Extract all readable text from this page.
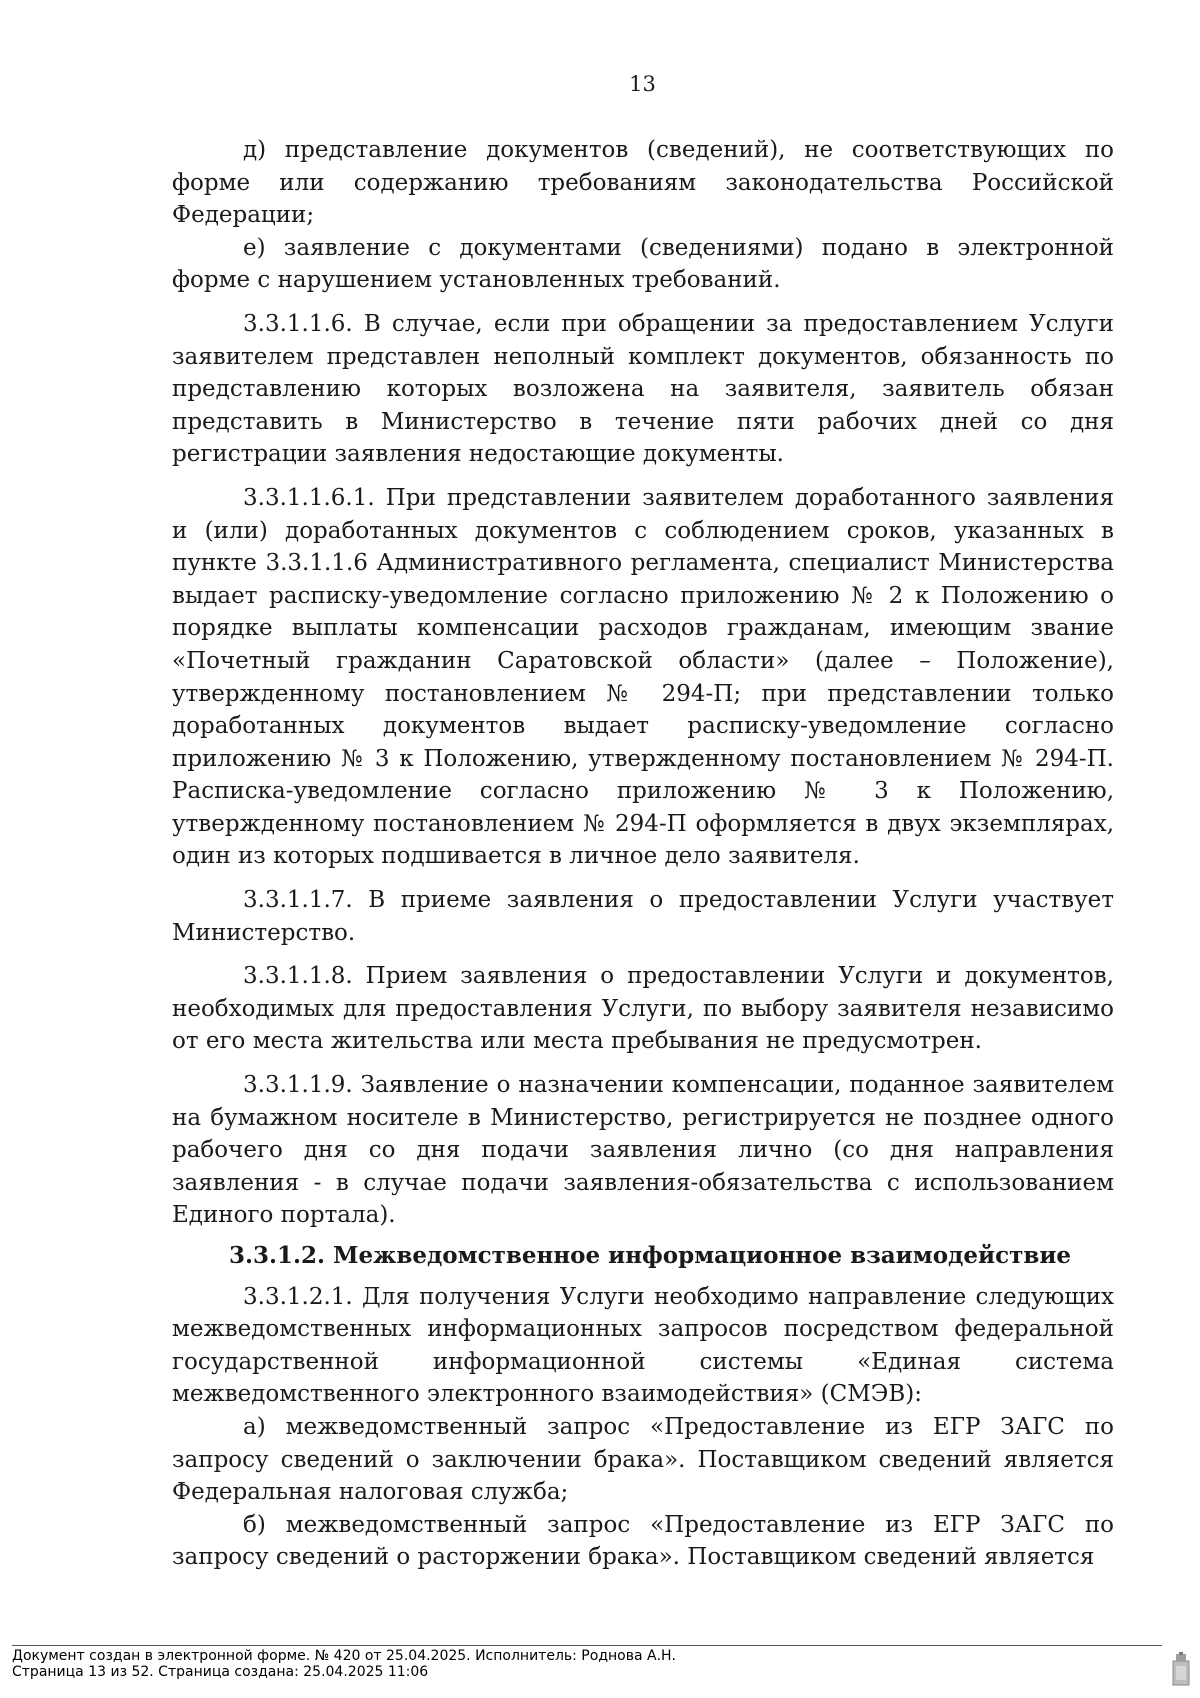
13

д) представление документов (сведений), не соответствующих по форме или содержанию требованиям законодательства Российской Федерации;

е) заявление с документами (сведениями) подано в электронной форме с нарушением установленных требований.

3.3.1.1.6. В случае, если при обращении за предоставлением Услуги заявителем представлен неполный комплект документов, обязанность по представлению которых возложена на заявителя, заявитель обязан представить в Министерство в течение пяти рабочих дней со дня регистрации заявления недостающие документы.

3.3.1.1.6.1. При представлении заявителем доработанного заявления и (или) доработанных документов с соблюдением сроков, указанных в пункте 3.3.1.1.6 Административного регламента, специалист Министерства выдает расписку-уведомление согласно приложению № 2 к Положению о порядке выплаты компенсации расходов гражданам, имеющим звание «Почетный гражданин Саратовской области» (далее – Положение), утвержденному постановлением № 294-П; при представлении только доработанных документов выдает расписку-уведомление согласно приложению № 3 к Положению, утвержденному постановлением № 294-П. Расписка-уведомление согласно приложению № 3 к Положению, утвержденному постановлением № 294-П оформляется в двух экземплярах, один из которых подшивается в личное дело заявителя.

3.3.1.1.7. В приеме заявления о предоставлении Услуги участвует Министерство.

3.3.1.1.8. Прием заявления о предоставлении Услуги и документов, необходимых для предоставления Услуги, по выбору заявителя независимо от его места жительства или места пребывания не предусмотрен.

3.3.1.1.9. Заявление о назначении компенсации, поданное заявителем на бумажном носителе в Министерство, регистрируется не позднее одного рабочего дня со дня подачи заявления лично (со дня направления заявления - в случае подачи заявления-обязательства с использованием Единого портала).

3.3.1.2. Межведомственное информационное взаимодействие

3.3.1.2.1. Для получения Услуги необходимо направление следующих межведомственных информационных запросов посредством федеральной государственной информационной системы «Единая система межведомственного электронного взаимодействия» (СМЭВ):

а) межведомственный запрос «Предоставление из ЕГР ЗАГС по запросу сведений о заключении брака». Поставщиком сведений является Федеральная налоговая служба;

б) межведомственный запрос «Предоставление из ЕГР ЗАГС по запросу сведений о расторжении брака». Поставщиком сведений является

Документ создан в электронной форме. № 420 от 25.04.2025. Исполнитель: Роднова А.Н.
Страница 13 из 52. Страница создана: 25.04.2025 11:06
